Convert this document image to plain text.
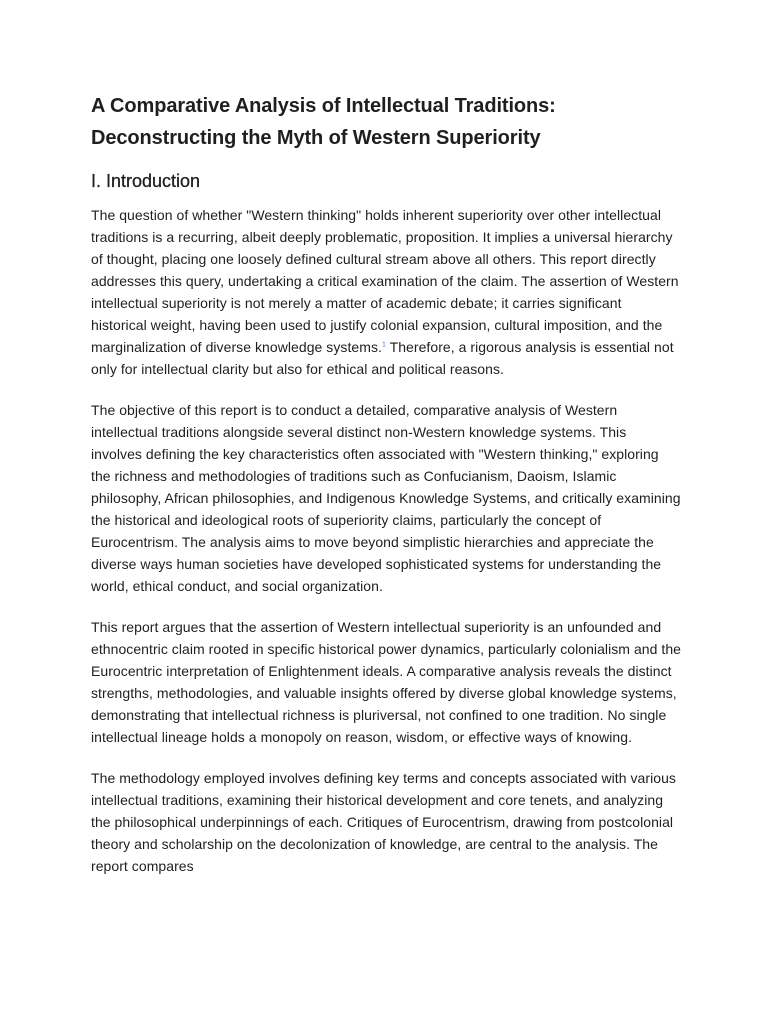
A Comparative Analysis of Intellectual Traditions:
Deconstructing the Myth of Western Superiority
I. Introduction

The question of whether "Western thinking" holds inherent superiority over other intellectual traditions is a recurring, albeit deeply problematic, proposition. It implies a universal hierarchy of thought, placing one loosely defined cultural stream above all others. This report directly addresses this query, undertaking a critical examination of the claim. The assertion of Western intellectual superiority is not merely a matter of academic debate; it carries significant historical weight, having been used to justify colonial expansion, cultural imposition, and the marginalization of diverse knowledge systems.$^1$ Therefore, a rigorous analysis is essential not only for intellectual clarity but also for ethical and political reasons.

The objective of this report is to conduct a detailed, comparative analysis of Western intellectual traditions alongside several distinct non-Western knowledge systems. This involves defining the key characteristics often associated with "Western thinking," exploring the richness and methodologies of traditions such as Confucianism, Daoism, Islamic philosophy, African philosophies, and Indigenous Knowledge Systems, and critically examining the historical and ideological roots of superiority claims, particularly the concept of Eurocentrism. The analysis aims to move beyond simplistic hierarchies and appreciate the diverse ways human societies have developed sophisticated systems for understanding the world, ethical conduct, and social organization.

This report argues that the assertion of Western intellectual superiority is an unfounded and ethnocentric claim rooted in specific historical power dynamics, particularly colonialism and the Eurocentric interpretation of Enlightenment ideals. A comparative analysis reveals the distinct strengths, methodologies, and valuable insights offered by diverse global knowledge systems, demonstrating that intellectual richness is pluriversal, not confined to one tradition. No single intellectual lineage holds a monopoly on reason, wisdom, or effective ways of knowing.

The methodology employed involves defining key terms and concepts associated with various intellectual traditions, examining their historical development and core tenets, and analyzing the philosophical underpinnings of each. Critiques of Eurocentrism, drawing from postcolonial theory and scholarship on the decolonization of knowledge, are central to the analysis. The report compares
